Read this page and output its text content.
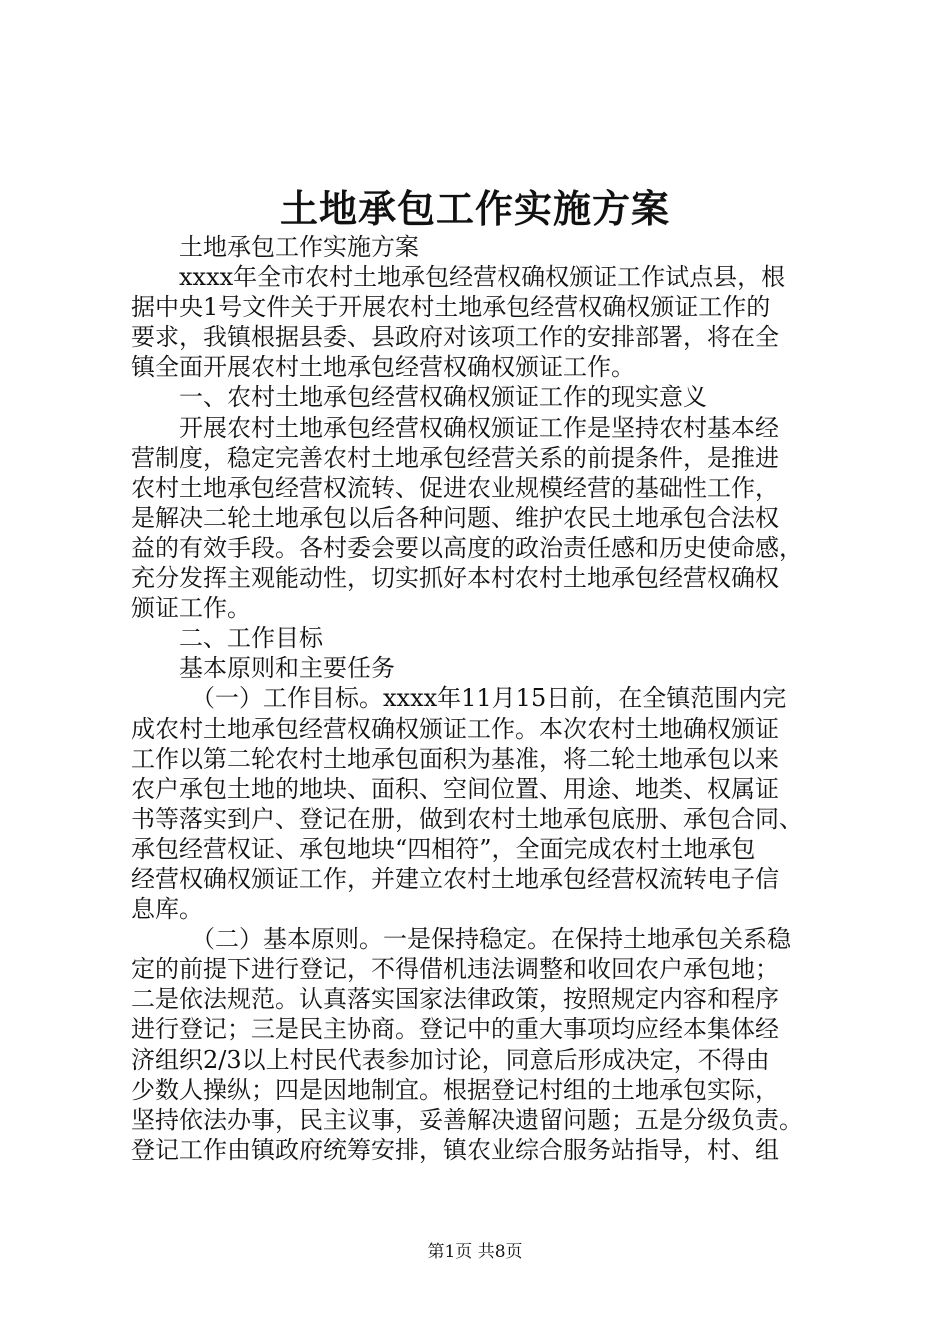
土地承包工作实施方案
土地承包工作实施方案
xxxx年全市农村土地承包经营权确权颁证工作试点县，根
据中央1号文件关于开展农村土地承包经营权确权颁证工作的
要求，我镇根据县委、县政府对该项工作的安排部署，将在全
镇全面开展农村土地承包经营权确权颁证工作。
一、农村土地承包经营权确权颁证工作的现实意义
开展农村土地承包经营权确权颁证工作是坚持农村基本经
营制度，稳定完善农村土地承包经营关系的前提条件，是推进
农村土地承包经营权流转、促进农业规模经营的基础性工作，
是解决二轮土地承包以后各种问题、维护农民土地承包合法权
益的有效手段。各村委会要以高度的政治责任感和历史使命感，
充分发挥主观能动性，切实抓好本村农村土地承包经营权确权
颁证工作。
二、工作目标
基本原则和主要任务
（一）工作目标。xxxx年11月15日前，在全镇范围内完
成农村土地承包经营权确权颁证工作。本次农村土地确权颁证
工作以第二轮农村土地承包面积为基准，将二轮土地承包以来
农户承包土地的地块、面积、空间位置、用途、地类、权属证
书等落实到户、登记在册，做到农村土地承包底册、承包合同、
承包经营权证、承包地块“四相符”，全面完成农村土地承包
经营权确权颁证工作，并建立农村土地承包经营权流转电子信
息库。
（二）基本原则。一是保持稳定。在保持土地承包关系稳
定的前提下进行登记，不得借机违法调整和收回农户承包地；
二是依法规范。认真落实国家法律政策，按照规定内容和程序
进行登记；三是民主协商。登记中的重大事项均应经本集体经
济组织2/3以上村民代表参加讨论，同意后形成决定，不得由
少数人操纵；四是因地制宜。根据登记村组的土地承包实际，
坚持依法办事，民主议事，妥善解决遗留问题；五是分级负责。
登记工作由镇政府统筹安排，镇农业综合服务站指导，村、组
第1页 共8页
